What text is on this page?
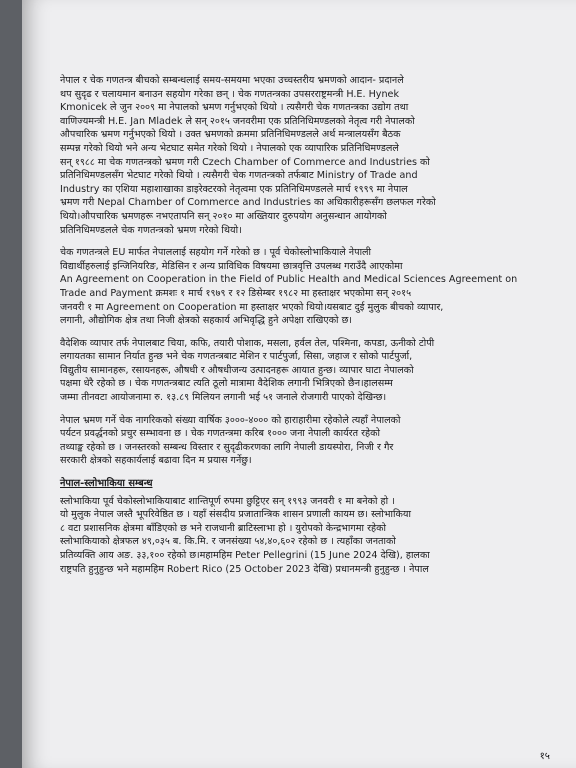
नेपाल र चेक गणतन्त्र बीचको सम्बन्धलाई समय-समयमा भएका उच्चस्तरीय भ्रमणको आदान- प्रदानले
थप सुदृढ र चलायमान बनाउन सहयोग गरेका छन् । चेक गणतन्त्रका उपसरराष्ट्रमन्त्री H.E. Hynek
Kmonicek ले जुन २००९ मा नेपालको भ्रमण गर्नुभएको थियो । त्यसैगरी चेक गणतन्त्रका उद्योग तथा
वाणिज्यमन्त्री H.E. Jan Mladek ले सन् २०१५ जनवरीमा एक प्रतिनिधिमण्डलको नेतृत्व गरी नेपालको
औपचारिक भ्रमण गर्नुभएको थियो । उक्त भ्रमणको क्रममा प्रतिनिधिमण्डलले अर्थ मन्त्रालयसँग बैठक
सम्पन्न गरेको थियो भने अन्य भेटघाट समेत गरेको थियो । नेपालको एक व्यापारिक प्रतिनिधिमण्डलले
सन् १९८८ मा चेक गणतन्त्रको भ्रमण गरी Czech Chamber of Commerce and Industries को
प्रतिनिधिमण्डलसँग भेटघाट गरेको थियो । त्यसैगरी चेक गणतन्त्रको तर्फबाट Ministry of Trade and
Industry का एशिया महाशाखाका डाइरेक्टरको नेतृत्वमा एक प्रतिनिधिमण्डलले मार्च १९९९ मा नेपाल
भ्रमण गरी Nepal Chamber of Commerce and Industries का अधिकारीहरूसँग छलफल गरेको
थियो।औपचारिक भ्रमणहरू नभएतापनि सन् २०१० मा अख्तियार दुरुपयोग अनुसन्धान आयोगको
प्रतिनिधिमण्डलले चेक गणतन्त्रको भ्रमण गरेको थियो।
चेक गणतन्त्रले EU मार्फत नेपाललाई सहयोग गर्ने गरेको छ । पूर्व चेकोस्लोभाकियाले नेपाली
विद्यार्थीहरुलाई इन्जिनियरिङ, मेडिसिन र अन्य प्राविधिक विषयमा छात्रवृत्ति उपलब्ध गराउँदै आएकोमा
An Agreement on Cooperation in the Field of Public Health and Medical Sciences Agreement on
Trade and Payment क्रमशः १ मार्च १९७९ र १२ डिसेम्बर १९८२ मा हस्ताक्षर भएकोमा सन् २०१५
जनवरी १ मा Agreement on Cooperation मा हस्ताक्षर भएको थियो।यसबाट दुई मुलुक बीचको व्यापार,
लगानी, औद्योगिक क्षेत्र तथा निजी क्षेत्रको सहकार्य अभिवृद्धि हुने अपेक्षा राखिएको छ।
वैदेशिक व्यापार तर्फ नेपालबाट चिया, कफि, तयारी पोशाक, मसला, हर्वल तेल, पश्मिना, कपडा, ऊनीको टोपी
लगायतका सामान निर्यात हुन्छ भने चेक गणतन्त्रबाट मेशिन र पार्टपुर्जा, सिसा, जहाज र सोको पार्टपुर्जा,
विद्युतीय सामानहरू, रसायनहरू, औषधी र औषधीजन्य उत्पादनहरू आयात हुन्छ। व्यापार घाटा नेपालको
पक्षमा धेरै रहेको छ । चेक गणतन्त्रबाट त्यति ठूलो मात्रामा वैदेशिक लगानी भित्रिएको छैन।हालसम्म
जम्मा तीनवटा आयोजनामा रु. १३.८९ मिलियन लगानी भई ५१ जनाले रोजगारी पाएको देखिन्छ।
नेपाल भ्रमण गर्ने चेक नागरिकको संख्या वार्षिक ३०००-४००० को हाराहारीमा रहेकोले त्यहाँ नेपालको
पर्यटन प्रवर्द्धनको प्रचुर सम्भावना छ । चेक गणतन्त्रमा करिब १००० जना नेपाली कार्यरत रहेको
तथ्याङ्क रहेको छ । जनस्तरको सम्बन्ध विस्तार र सुदृढीकरणका लागि नेपाली डायस्पोरा, निजी र गैर
सरकारी क्षेत्रको सहकार्यलाई बढावा दिन म प्रयास गर्नेछु।
नेपाल-स्लोभाकिया सम्बन्ध
स्लोभाकिया पूर्व चेकोस्लोभाकियाबाट शान्तिपूर्ण रुपमा छुट्टिएर सन् १९९३ जनवरी १ मा बनेको हो ।
यो मुलुक नेपाल जस्तै भूपरिवेष्ठित छ । यहाँ संसदीय प्रजातान्त्रिक शासन प्रणाली कायम छ। स्लोभाकिया
८ वटा प्रशासनिक क्षेत्रमा बाँडिएको छ भने राजधानी ब्राटिस्लाभा हो । युरोपको केन्द्रभागमा रहेको
स्लोभाकियाको क्षेत्रफल ४९,०३५ ब. कि.मि. र जनसंख्या ५४,४०,६०२ रहेको छ । त्यहाँका जनताको
प्रतिव्यक्ति आय अङ. ३३,१०० रहेको छ।महामहिम Peter Pellegrini (15 June 2024 देखि), हालका
राष्ट्रपति हुनुहुन्छ भने महामहिम Robert Rico (25 October 2023 देखि) प्रधानमन्त्री हुनुहुन्छ । नेपाल
१५
